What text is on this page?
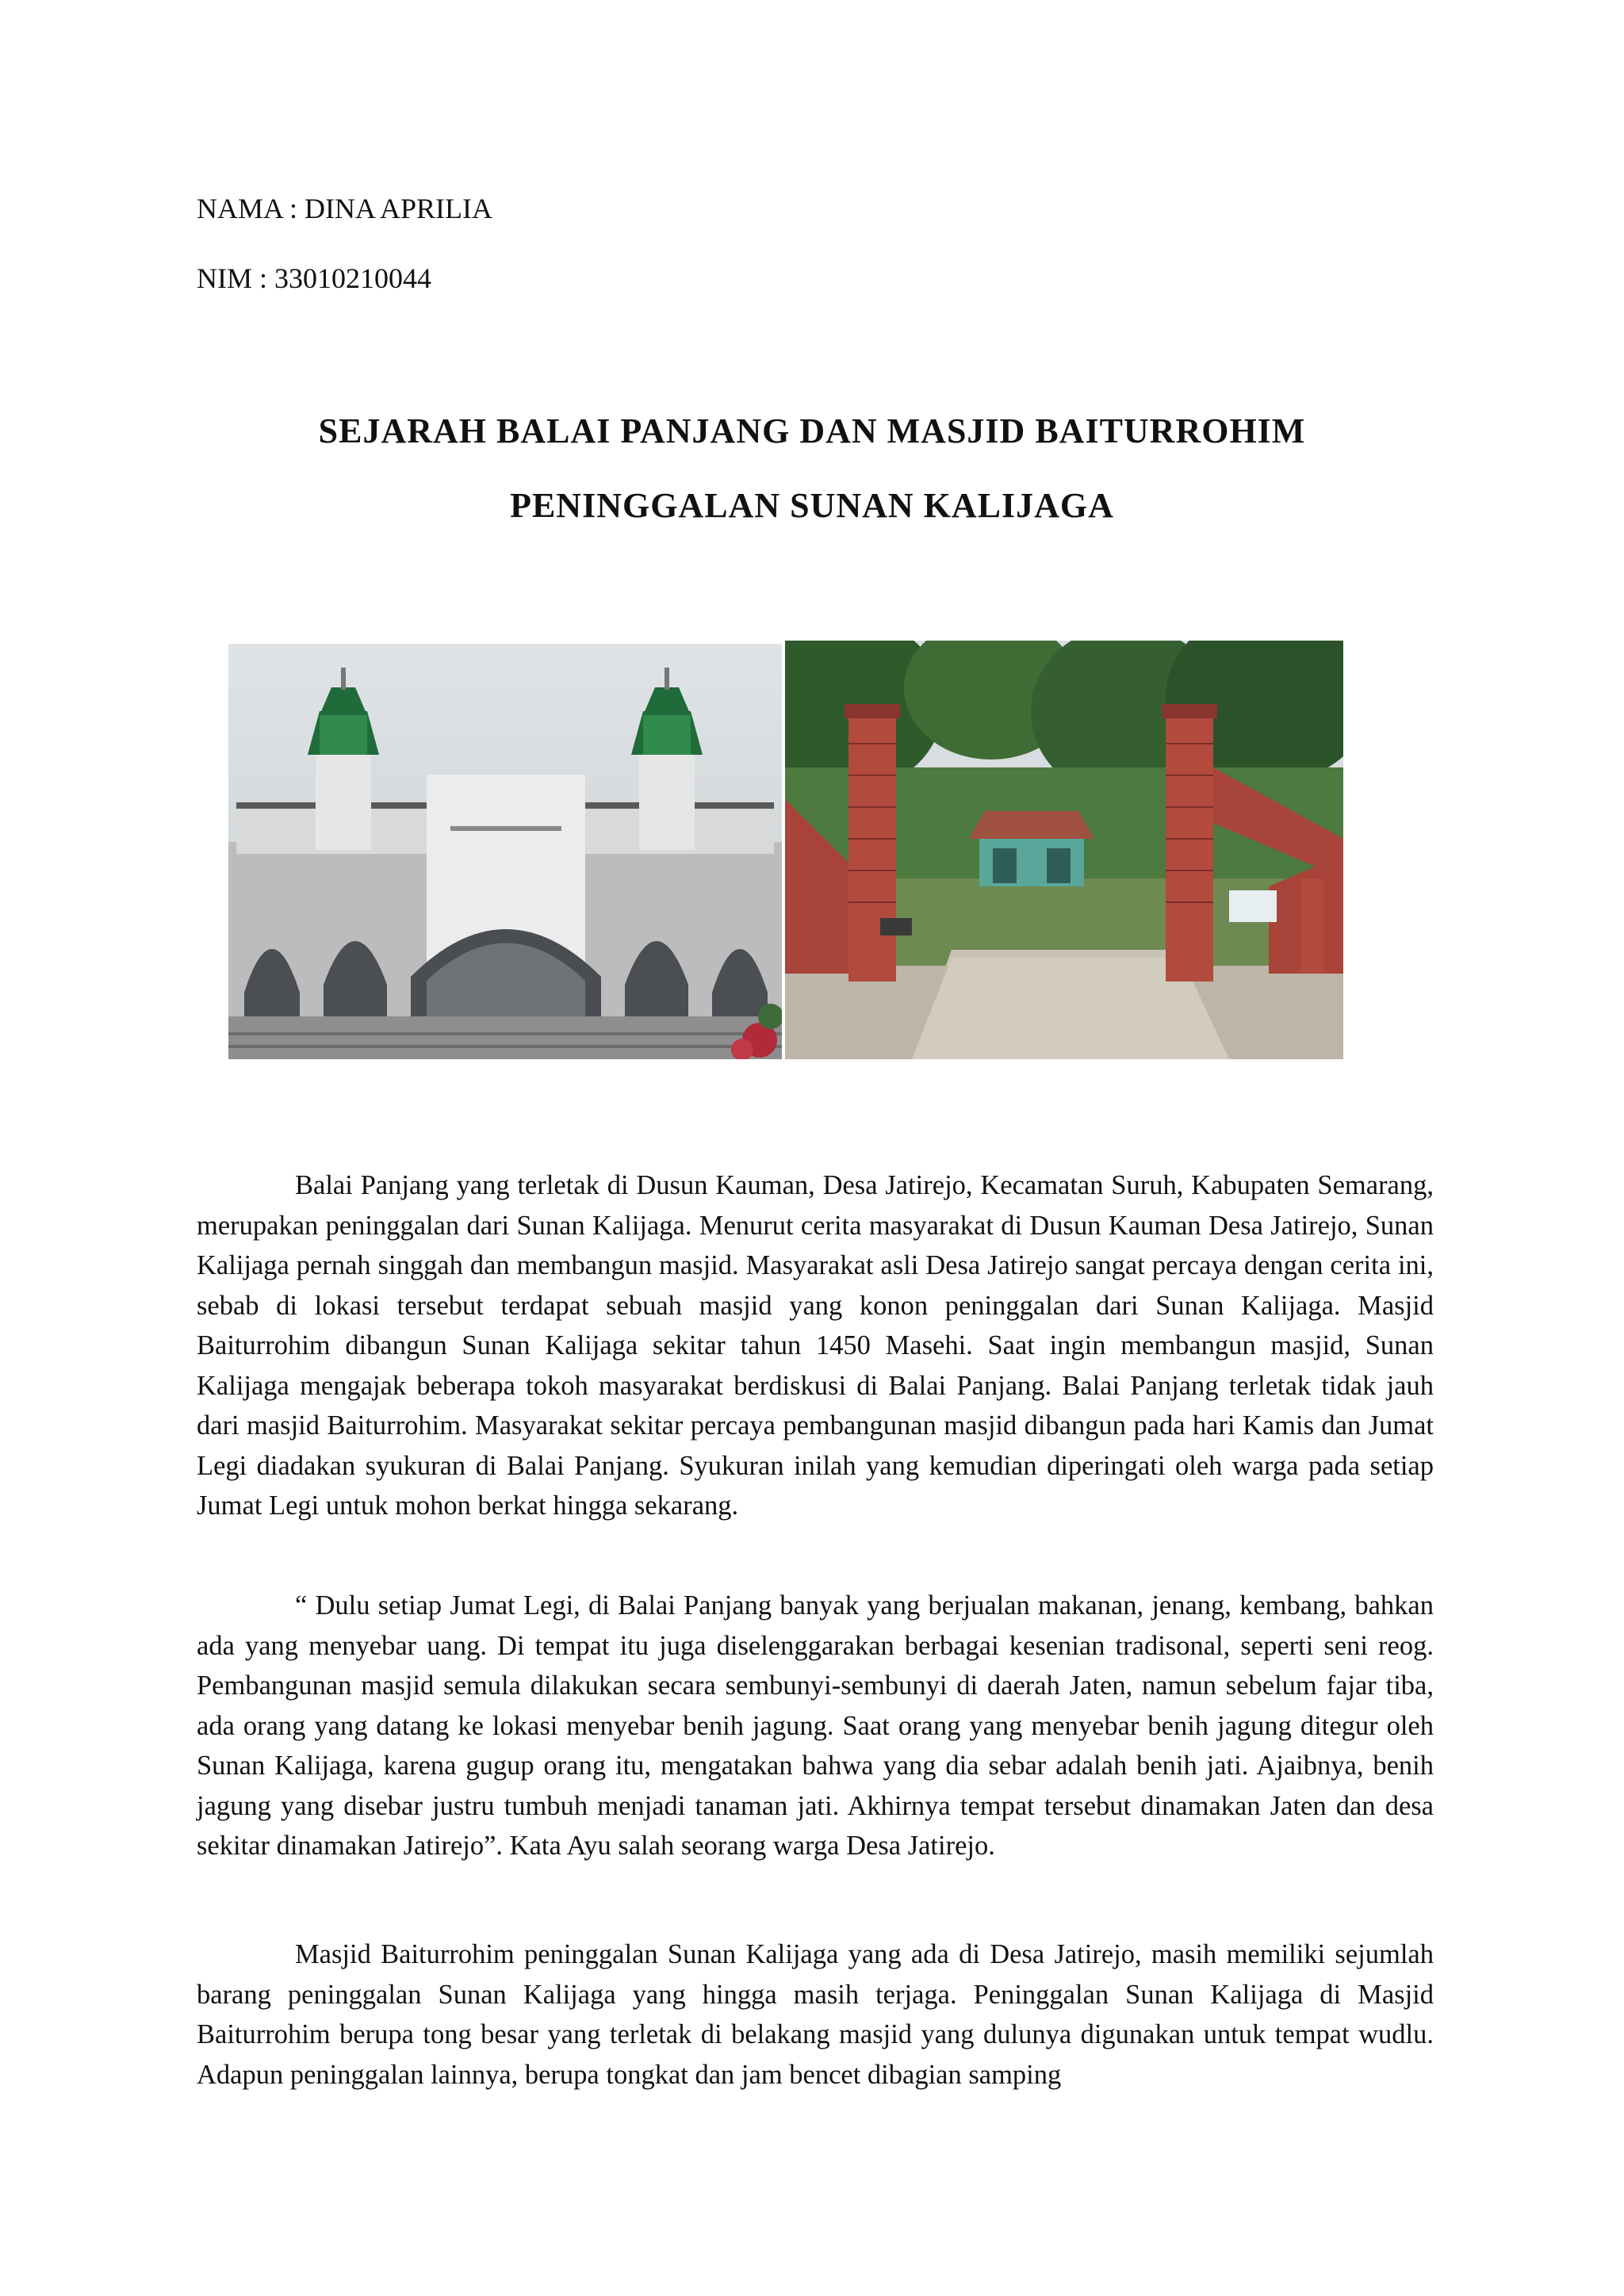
NAMA : DINA APRILIA
NIM : 33010210044
SEJARAH BALAI PANJANG DAN MASJID BAITURROHIM
PENINGGALAN SUNAN KALIJAGA

Balai Panjang yang terletak di Dusun Kauman, Desa Jatirejo, Kecamatan Suruh, Kabupaten Semarang, merupakan peninggalan dari Sunan Kalijaga. Menurut cerita masyarakat di Dusun Kauman Desa Jatirejo, Sunan Kalijaga pernah singgah dan membangun masjid. Masyarakat asli Desa Jatirejo sangat percaya dengan cerita ini, sebab di lokasi tersebut terdapat sebuah masjid yang konon peninggalan dari Sunan Kalijaga. Masjid Baiturrohim dibangun Sunan Kalijaga sekitar tahun 1450 Masehi. Saat ingin membangun masjid, Sunan Kalijaga mengajak beberapa tokoh masyarakat berdiskusi di Balai Panjang. Balai Panjang terletak tidak jauh dari masjid Baiturrohim. Masyarakat sekitar percaya pembangunan masjid dibangun pada hari Kamis dan Jumat Legi diadakan syukuran di Balai Panjang. Syukuran inilah yang kemudian diperingati oleh warga pada setiap Jumat Legi untuk mohon berkat hingga sekarang.

“ Dulu setiap Jumat Legi, di Balai Panjang banyak yang berjualan makanan, jenang, kembang, bahkan ada yang menyebar uang. Di tempat itu juga diselenggarakan berbagai kesenian tradisonal, seperti seni reog. Pembangunan masjid semula dilakukan secara sembunyi-sembunyi di daerah Jaten, namun sebelum fajar tiba, ada orang yang datang ke lokasi menyebar benih jagung. Saat orang yang menyebar benih jagung ditegur oleh Sunan Kalijaga, karena gugup orang itu, mengatakan bahwa yang dia sebar adalah benih jati. Ajaibnya, benih jagung yang disebar justru tumbuh menjadi tanaman jati. Akhirnya tempat tersebut dinamakan Jaten dan desa sekitar dinamakan Jatirejo”. Kata Ayu salah seorang warga Desa Jatirejo.

Masjid Baiturrohim peninggalan Sunan Kalijaga yang ada di Desa Jatirejo, masih memiliki sejumlah barang peninggalan Sunan Kalijaga yang hingga masih terjaga. Peninggalan Sunan Kalijaga di Masjid Baiturrohim berupa tong besar yang terletak di belakang masjid yang dulunya digunakan untuk tempat wudlu. Adapun peninggalan lainnya, berupa tongkat dan jam bencet dibagian samping
